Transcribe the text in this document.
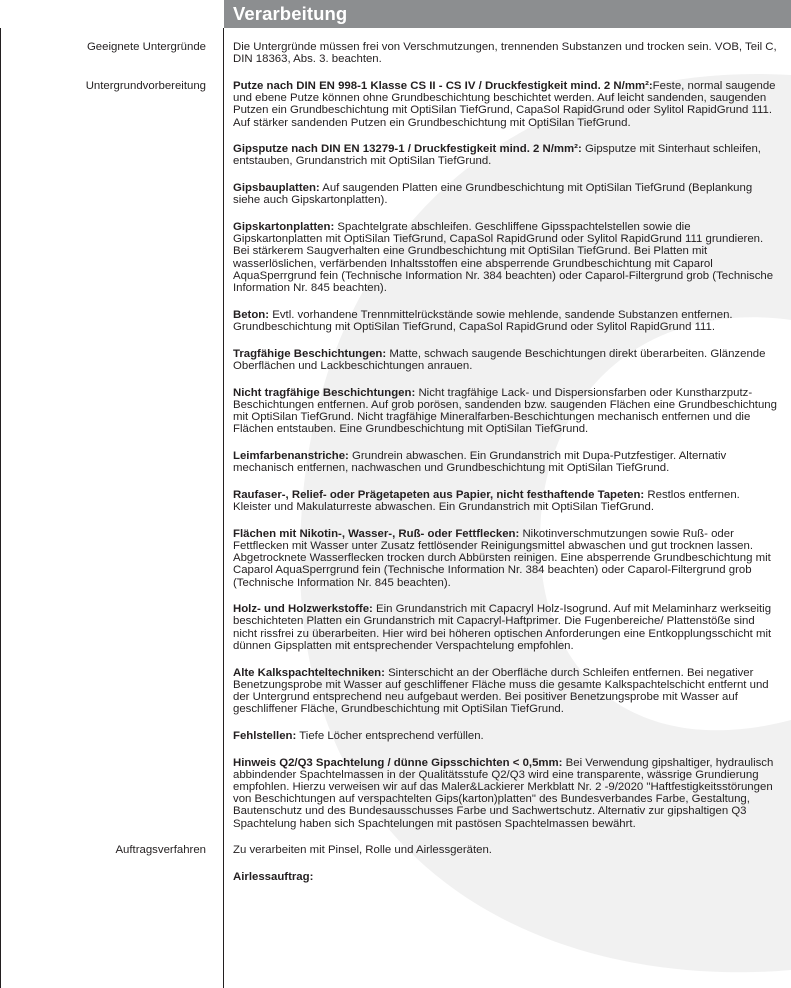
Verarbeitung
Geeignete Untergründe Die Untergründe müssen frei von Verschmutzungen, trennenden Substanzen und trocken sein. VOB, Teil C, DIN 18363, Abs. 3. beachten.

Untergrundvorbereitung Putze nach DIN EN 998-1 Klasse CS II - CS IV / Druckfestigkeit mind. 2 N/mm²:Feste, normal saugende und ebene Putze können ohne Grundbeschichtung beschichtet werden. Auf leicht sandenden, saugenden Putzen ein Grundbeschichtung mit OptiSilan TiefGrund, CapaSol RapidGrund oder Sylitol RapidGrund 111. Auf stärker sandenden Putzen ein Grundbeschichtung mit OptiSilan TiefGrund.

Gipsputze nach DIN EN 13279-1 / Druckfestigkeit mind. 2 N/mm²: Gipsputze mit Sinterhaut schleifen, entstauben, Grundanstrich mit OptiSilan TiefGrund.

Gipsbauplatten: Auf saugenden Platten eine Grundbeschichtung mit OptiSilan TiefGrund (Beplankung siehe auch Gipskartonplatten).

Gipskartonplatten: Spachtelgrate abschleifen. Geschliffene Gipsspachtelstellen sowie die Gipskartonplatten mit OptiSilan TiefGrund, CapaSol RapidGrund oder Sylitol RapidGrund 111 grundieren. Bei stärkerem Saugverhalten eine Grundbeschichtung mit OptiSilan TiefGrund. Bei Platten mit wasserlöslichen, verfärbenden Inhaltsstoffen eine absperrende Grundbeschichtung mit Caparol AquaSperrgrund fein (Technische Information Nr. 384 beachten) oder Caparol-Filtergrund grob (Technische Information Nr. 845 beachten).

Beton: Evtl. vorhandene Trennmittelrückstände sowie mehlende, sandende Substanzen entfernen. Grundbeschichtung mit OptiSilan TiefGrund, CapaSol RapidGrund oder Sylitol RapidGrund 111.

Tragfähige Beschichtungen: Matte, schwach saugende Beschichtungen direkt überarbeiten. Glänzende Oberflächen und Lackbeschichtungen anrauen.

Nicht tragfähige Beschichtungen: Nicht tragfähige Lack- und Dispersionsfarben oder Kunstharzputz-Beschichtungen entfernen. Auf grob porösen, sandenden bzw. saugenden Flächen eine Grundbeschichtung mit OptiSilan TiefGrund. Nicht tragfähige Mineralfarben-Beschichtungen mechanisch entfernen und die Flächen entstauben. Eine Grundbeschichtung mit OptiSilan TiefGrund.

Leimfarbenanstriche: Grundrein abwaschen. Ein Grundanstrich mit Dupa-Putzfestiger. Alternativ mechanisch entfernen, nachwaschen und Grundbeschichtung mit OptiSilan TiefGrund.

Raufaser-, Relief- oder Prägetapeten aus Papier, nicht festhaftende Tapeten: Restlos entfernen. Kleister und Makulaturreste abwaschen. Ein Grundanstrich mit OptiSilan TiefGrund.

Flächen mit Nikotin-, Wasser-, Ruß- oder Fettflecken: Nikotinverschmutzungen sowie Ruß- oder Fettflecken mit Wasser unter Zusatz fettlösender Reinigungsmittel abwaschen und gut trocknen lassen. Abgetrocknete Wasserflecken trocken durch Abbürsten reinigen. Eine absperrende Grundbeschichtung mit Caparol AquaSperrgrund fein (Technische Information Nr. 384 beachten) oder Caparol-Filtergrund grob (Technische Information Nr. 845 beachten).

Holz- und Holzwerkstoffe: Ein Grundanstrich mit Capacryl Holz-Isogrund. Auf mit Melaminharz werkseitig beschichteten Platten ein Grundanstrich mit Capacryl-Haftprimer. Die Fugenbereiche/ Plattenstöße sind nicht rissfrei zu überarbeiten. Hier wird bei höheren optischen Anforderungen eine Entkopplungsschicht mit dünnen Gipsplatten mit entsprechender Verspachtelung empfohlen.

Alte Kalkspachteltechniken: Sinterschicht an der Oberfläche durch Schleifen entfernen. Bei negativer Benetzungsprobe mit Wasser auf geschliffener Fläche muss die gesamte Kalkspachtelschicht entfernt und der Untergrund entsprechend neu aufgebaut werden. Bei positiver Benetzungsprobe mit Wasser auf geschliffener Fläche, Grundbeschichtung mit OptiSilan TiefGrund.

Fehlstellen: Tiefe Löcher entsprechend verfüllen.

Hinweis Q2/Q3 Spachtelung / dünne Gipsschichten < 0,5mm: Bei Verwendung gipshaltiger, hydraulisch abbindender Spachtelmassen in der Qualitätsstufe Q2/Q3 wird eine transparente, wässrige Grundierung empfohlen. Hierzu verweisen wir auf das Maler&Lackierer Merkblatt Nr. 2 -9/2020 "Haftfestigkeitsstörungen von Beschichtungen auf verspachtelten Gips(karton)platten" des Bundesverbandes Farbe, Gestaltung, Bautenschutz und des Bundesausschusses Farbe und Sachwertschutz. Alternativ zur gipshaltigen Q3 Spachtelung haben sich Spachtelungen mit pastösen Spachtelmassen bewährt.

Auftragsverfahren Zu verarbeiten mit Pinsel, Rolle und Airlessgeräten.

Airlessauftrag:
